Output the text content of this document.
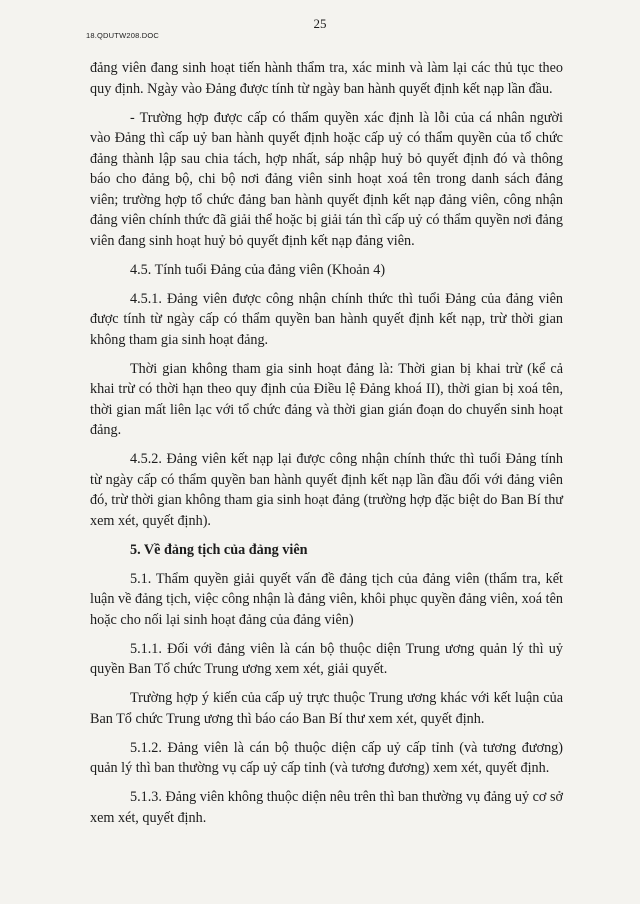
25
18.QDUTW208.DOC

đảng viên đang sinh hoạt tiến hành thẩm tra, xác minh và làm lại các thủ tục theo quy định. Ngày vào Đảng được tính từ ngày ban hành quyết định kết nạp lần đầu.

- Trường hợp được cấp có thẩm quyền xác định là lỗi của cá nhân người vào Đảng thì cấp uỷ ban hành quyết định hoặc cấp uỷ có thẩm quyền của tổ chức đảng thành lập sau chia tách, hợp nhất, sáp nhập huỷ bỏ quyết định đó và thông báo cho đảng bộ, chi bộ nơi đảng viên sinh hoạt xoá tên trong danh sách đảng viên; trường hợp tổ chức đảng ban hành quyết định kết nạp đảng viên, công nhận đảng viên chính thức đã giải thể hoặc bị giải tán thì cấp uỷ có thẩm quyền nơi đảng viên đang sinh hoạt huỷ bỏ quyết định kết nạp đảng viên.

4.5. Tính tuổi Đảng của đảng viên (Khoản 4)

4.5.1. Đảng viên được công nhận chính thức thì tuổi Đảng của đảng viên được tính từ ngày cấp có thẩm quyền ban hành quyết định kết nạp, trừ thời gian không tham gia sinh hoạt đảng.

Thời gian không tham gia sinh hoạt đảng là: Thời gian bị khai trừ (kể cả khai trừ có thời hạn theo quy định của Điều lệ Đảng khoá II), thời gian bị xoá tên, thời gian mất liên lạc với tổ chức đảng và thời gian gián đoạn do chuyển sinh hoạt đảng.

4.5.2. Đảng viên kết nạp lại được công nhận chính thức thì tuổi Đảng tính từ ngày cấp có thẩm quyền ban hành quyết định kết nạp lần đầu đối với đảng viên đó, trừ thời gian không tham gia sinh hoạt đảng (trường hợp đặc biệt do Ban Bí thư xem xét, quyết định).

5. Về đảng tịch của đảng viên

5.1. Thẩm quyền giải quyết vấn đề đảng tịch của đảng viên (thẩm tra, kết luận về đảng tịch, việc công nhận là đảng viên, khôi phục quyền đảng viên, xoá tên hoặc cho nối lại sinh hoạt đảng của đảng viên)

5.1.1. Đối với đảng viên là cán bộ thuộc diện Trung ương quản lý thì uỷ quyền Ban Tổ chức Trung ương xem xét, giải quyết.

Trường hợp ý kiến của cấp uỷ trực thuộc Trung ương khác với kết luận của Ban Tổ chức Trung ương thì báo cáo Ban Bí thư xem xét, quyết định.

5.1.2. Đảng viên là cán bộ thuộc diện cấp uỷ cấp tỉnh (và tương đương) quản lý thì ban thường vụ cấp uỷ cấp tỉnh (và tương đương) xem xét, quyết định.

5.1.3. Đảng viên không thuộc diện nêu trên thì ban thường vụ đảng uỷ cơ sở xem xét, quyết định.
